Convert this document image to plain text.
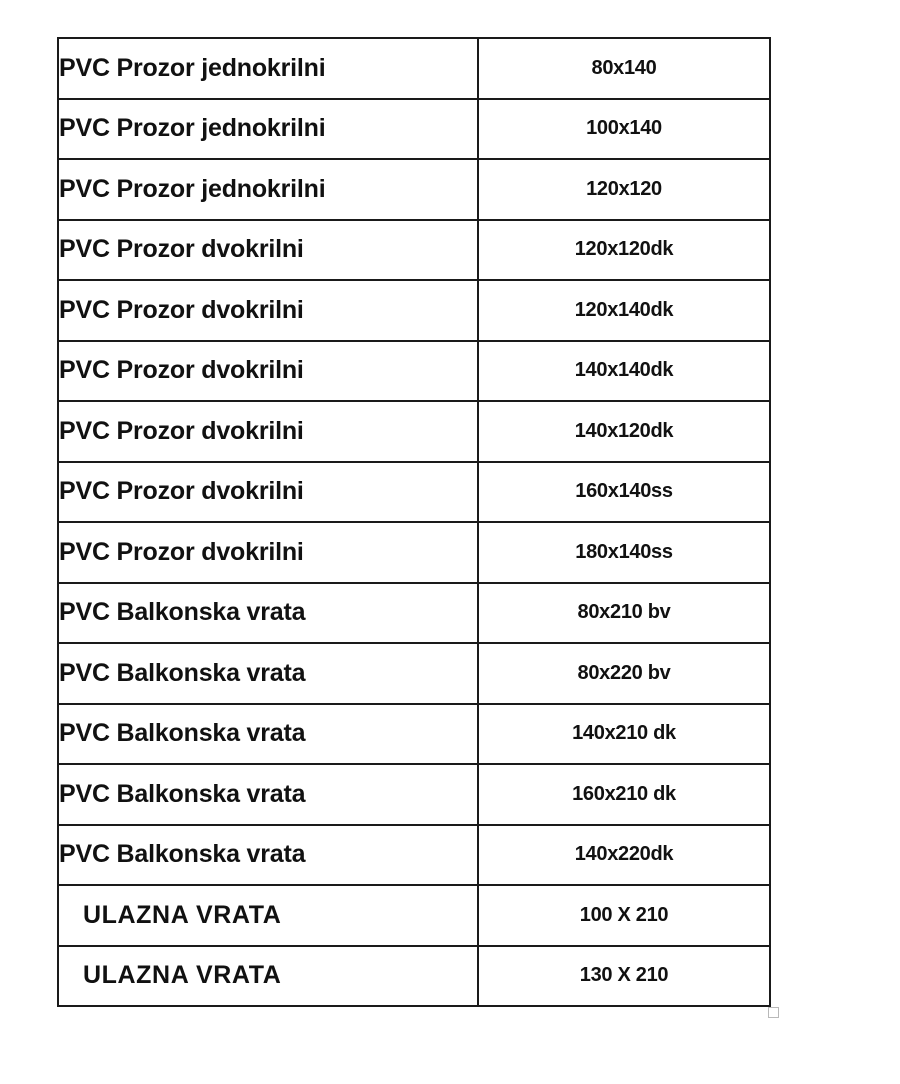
PVC Prozor jednokrilni	80x140
PVC Prozor jednokrilni	100x140
PVC Prozor jednokrilni	120x120
PVC Prozor dvokrilni	120x120dk
PVC Prozor dvokrilni	120x140dk
PVC Prozor dvokrilni	140x140dk
PVC Prozor dvokrilni	140x120dk
PVC Prozor dvokrilni	160x140ss
PVC Prozor dvokrilni	180x140ss
PVC Balkonska vrata	80x210 bv
PVC Balkonska vrata	80x220 bv
PVC Balkonska vrata	140x210 dk
PVC Balkonska vrata	160x210 dk
PVC Balkonska vrata	140x220dk
ULAZNA VRATA	100 X 210
ULAZNA VRATA	130 X 210
